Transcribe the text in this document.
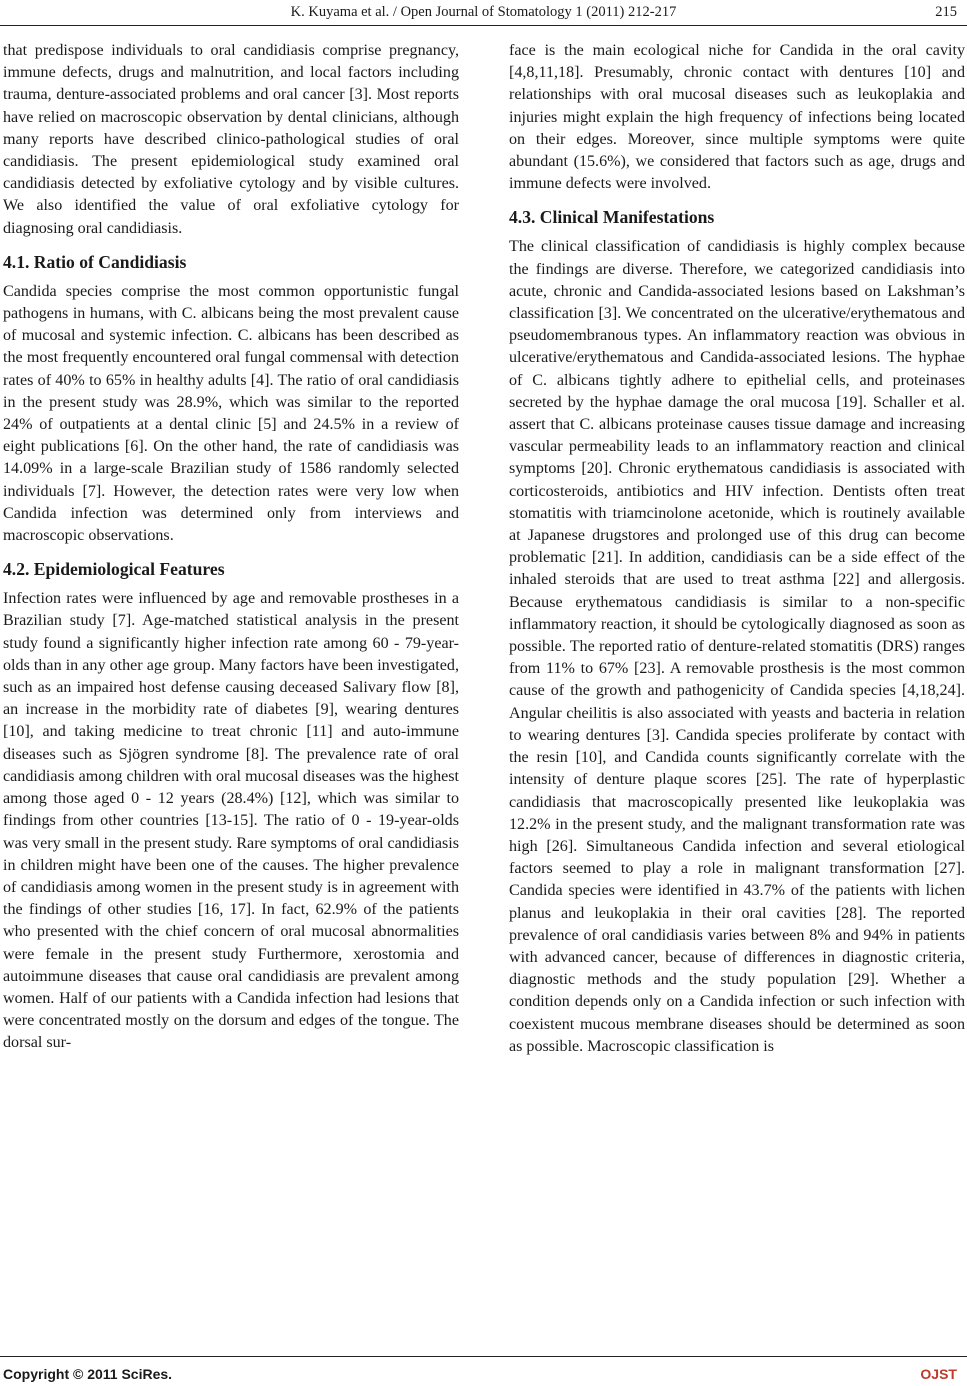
K. Kuyama et al. / Open Journal of Stomatology 1 (2011) 212-217	215

that predispose individuals to oral candidiasis comprise pregnancy, immune defects, drugs and malnutrition, and local factors including trauma, denture-associated problems and oral cancer [3]. Most reports have relied on macroscopic observation by dental clinicians, although many reports have described clinico-pathological studies of oral candidiasis. The present epidemiological study examined oral candidiasis detected by exfoliative cytology and by visible cultures. We also identified the value of oral exfoliative cytology for diagnosing oral candidiasis.

4.1. Ratio of Candidiasis

Candida species comprise the most common opportunistic fungal pathogens in humans, with C. albicans being the most prevalent cause of mucosal and systemic infection. C. albicans has been described as the most frequently encountered oral fungal commensal with detection rates of 40% to 65% in healthy adults [4]. The ratio of oral candidiasis in the present study was 28.9%, which was similar to the reported 24% of outpatients at a dental clinic [5] and 24.5% in a review of eight publications [6]. On the other hand, the rate of candidiasis was 14.09% in a large-scale Brazilian study of 1586 randomly selected individuals [7]. However, the detection rates were very low when Candida infection was determined only from interviews and macroscopic observations.

4.2. Epidemiological Features

Infection rates were influenced by age and removable prostheses in a Brazilian study [7]. Age-matched statistical analysis in the present study found a significantly higher infection rate among 60 - 79-year-olds than in any other age group. Many factors have been investigated, such as an impaired host defense causing deceased Salivary flow [8], an increase in the morbidity rate of diabetes [9], wearing dentures [10], and taking medicine to treat chronic [11] and auto-immune diseases such as Sjögren syndrome [8]. The prevalence rate of oral candidiasis among children with oral mucosal diseases was the highest among those aged 0 - 12 years (28.4%) [12], which was similar to findings from other countries [13-15]. The ratio of 0 - 19-year-olds was very small in the present study. Rare symptoms of oral candidiasis in children might have been one of the causes. The higher prevalence of candidiasis among women in the present study is in agreement with the findings of other studies [16, 17]. In fact, 62.9% of the patients who presented with the chief concern of oral mucosal abnormalities were female in the present study Furthermore, xerostomia and autoimmune diseases that cause oral candidiasis are prevalent among women. Half of our patients with a Candida infection had lesions that were concentrated mostly on the dorsum and edges of the tongue. The dorsal sur-

face is the main ecological niche for Candida in the oral cavity [4,8,11,18]. Presumably, chronic contact with dentures [10] and relationships with oral mucosal diseases such as leukoplakia and injuries might explain the high frequency of infections being located on their edges. Moreover, since multiple symptoms were quite abundant (15.6%), we considered that factors such as age, drugs and immune defects were involved.

4.3. Clinical Manifestations

The clinical classification of candidiasis is highly complex because the findings are diverse. Therefore, we categorized candidiasis into acute, chronic and Candida-associated lesions based on Lakshman’s classification [3]. We concentrated on the ulcerative/erythematous and pseudomembranous types. An inflammatory reaction was obvious in ulcerative/erythematous and Candida-associated lesions. The hyphae of C. albicans tightly adhere to epithelial cells, and proteinases secreted by the hyphae damage the oral mucosa [19]. Schaller et al. assert that C. albicans proteinase causes tissue damage and increasing vascular permeability leads to an inflammatory reaction and clinical symptoms [20]. Chronic erythematous candidiasis is associated with corticosteroids, antibiotics and HIV infection. Dentists often treat stomatitis with triamcinolone acetonide, which is routinely available at Japanese drugstores and prolonged use of this drug can become problematic [21]. In addition, candidiasis can be a side effect of the inhaled steroids that are used to treat asthma [22] and allergosis. Because erythematous candidiasis is similar to a non-specific inflammatory reaction, it should be cytologically diagnosed as soon as possible. The reported ratio of denture-related stomatitis (DRS) ranges from 11% to 67% [23]. A removable prosthesis is the most common cause of the growth and pathogenicity of Candida species [4,18,24]. Angular cheilitis is also associated with yeasts and bacteria in relation to wearing dentures [3]. Candida species proliferate by contact with the resin [10], and Candida counts significantly correlate with the intensity of denture plaque scores [25]. The rate of hyperplastic candidiasis that macroscopically presented like leukoplakia was 12.2% in the present study, and the malignant transformation rate was high [26]. Simultaneous Candida infection and several etiological factors seemed to play a role in malignant transformation [27]. Candida species were identified in 43.7% of the patients with lichen planus and leukoplakia in their oral cavities [28]. The reported prevalence of oral candidiasis varies between 8% and 94% in patients with advanced cancer, because of differences in diagnostic criteria, diagnostic methods and the study population [29]. Whether a condition depends only on a Candida infection or such infection with coexistent mucous membrane diseases should be determined as soon as possible. Macroscopic classification is

Copyright © 2011 SciRes.	OJST
